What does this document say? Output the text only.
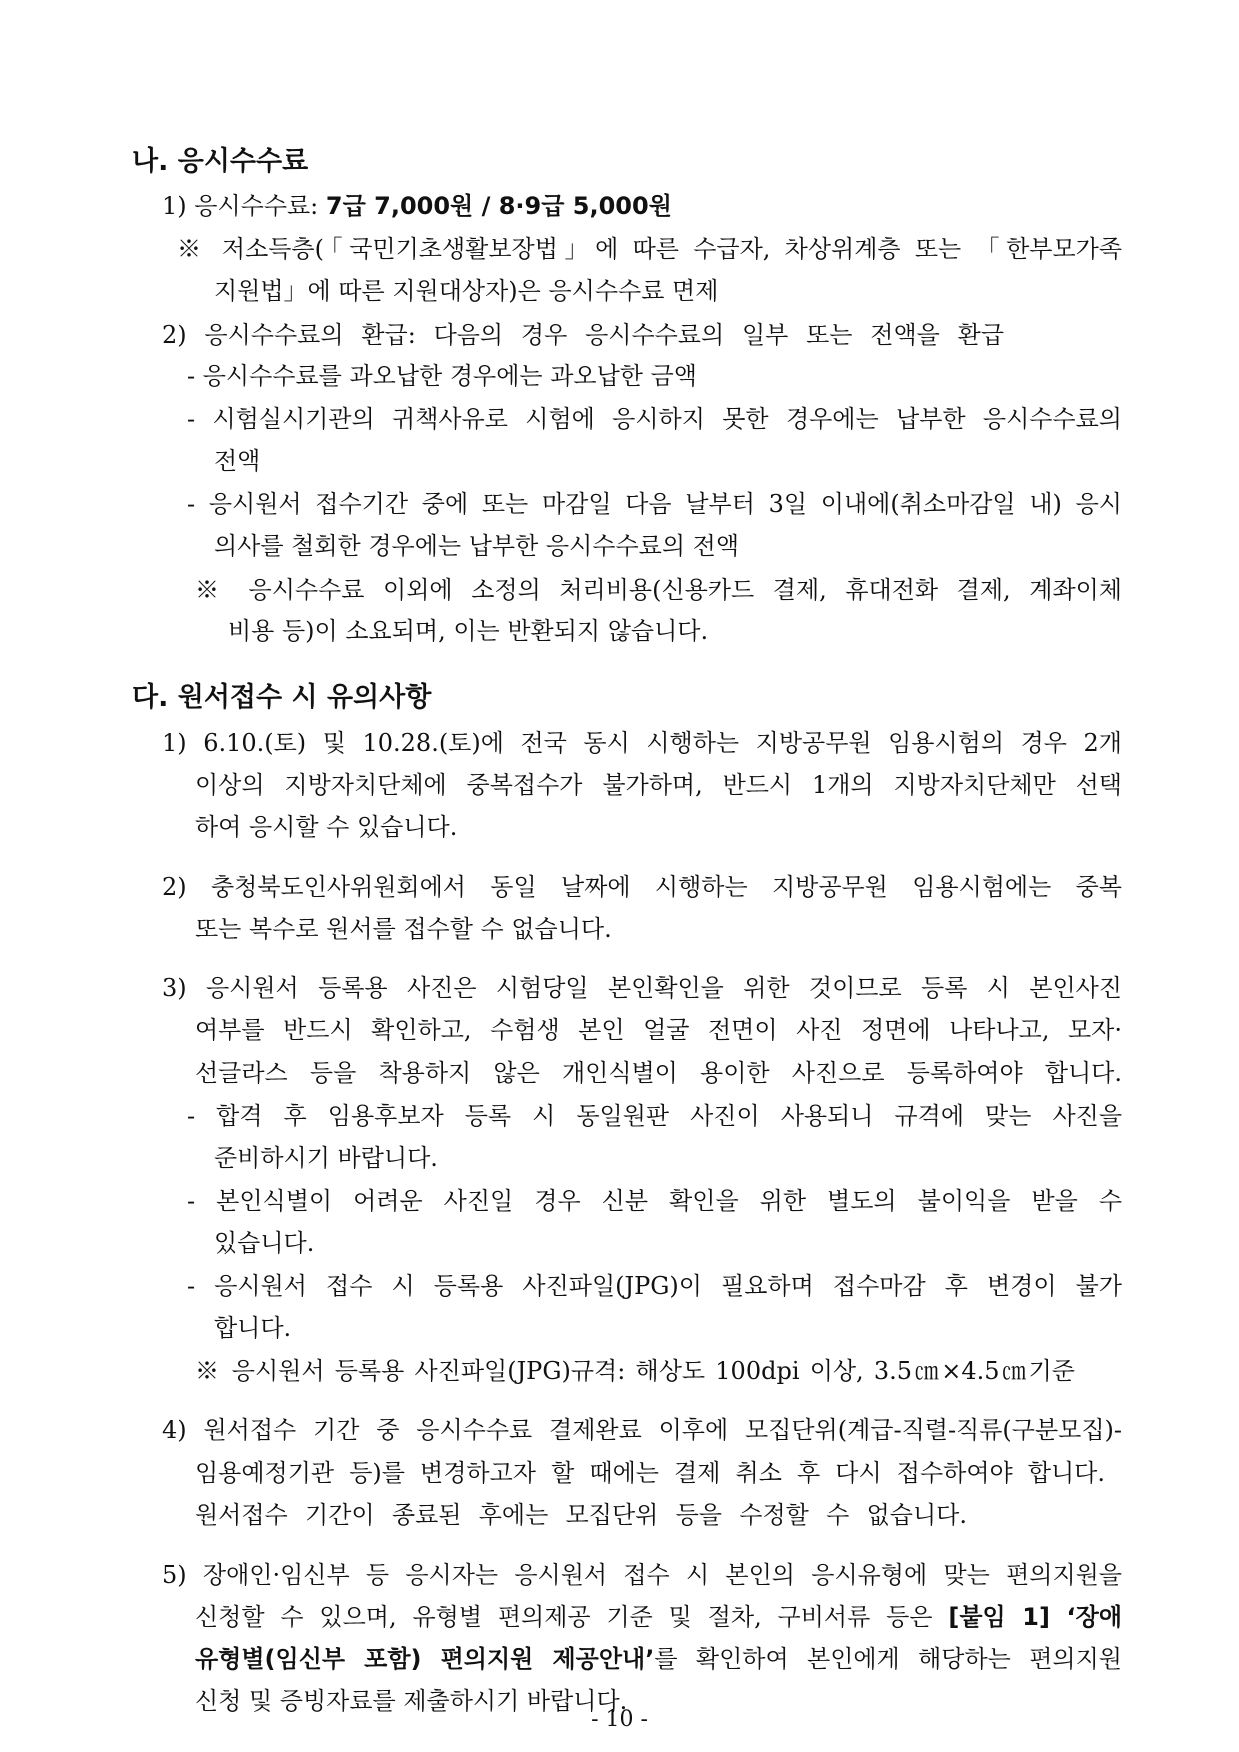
나. 응시수수료
1) 응시수수료: 7급 7,000원 / 8·9급 5,000원
※ 저소득층(「국민기초생활보장법」에 따른 수급자, 차상위계층 또는 「한부모가족
지원법」에 따른 지원대상자)은 응시수수료 면제
2) 응시수수료의 환급: 다음의 경우 응시수수료의 일부 또는 전액을 환급
- 응시수수료를 과오납한 경우에는 과오납한 금액
- 시험실시기관의 귀책사유로 시험에 응시하지 못한 경우에는 납부한 응시수수료의
전액
- 응시원서 접수기간 중에 또는 마감일 다음 날부터 3일 이내에(취소마감일 내) 응시
의사를 철회한 경우에는 납부한 응시수수료의 전액
※ 응시수수료 이외에 소정의 처리비용(신용카드 결제, 휴대전화 결제, 계좌이체
비용 등)이 소요되며, 이는 반환되지 않습니다.
다. 원서접수 시 유의사항
1) 6.10.(토) 및 10.28.(토)에 전국 동시 시행하는 지방공무원 임용시험의 경우 2개
이상의 지방자치단체에 중복접수가 불가하며, 반드시 1개의 지방자치단체만 선택
하여 응시할 수 있습니다.
2) 충청북도인사위원회에서 동일 날짜에 시행하는 지방공무원 임용시험에는 중복
또는 복수로 원서를 접수할 수 없습니다.
3) 응시원서 등록용 사진은 시험당일 본인확인을 위한 것이므로 등록 시 본인사진
여부를 반드시 확인하고, 수험생 본인 얼굴 전면이 사진 정면에 나타나고, 모자·
선글라스 등을 착용하지 않은 개인식별이 용이한 사진으로 등록하여야 합니다.
- 합격 후 임용후보자 등록 시 동일원판 사진이 사용되니 규격에 맞는 사진을
준비하시기 바랍니다.
- 본인식별이 어려운 사진일 경우 신분 확인을 위한 별도의 불이익을 받을 수
있습니다.
- 응시원서 접수 시 등록용 사진파일(JPG)이 필요하며 접수마감 후 변경이 불가
합니다.
※ 응시원서 등록용 사진파일(JPG)규격: 해상도 100dpi 이상, 3.5㎝×4.5㎝기준
4) 원서접수 기간 중 응시수수료 결제완료 이후에 모집단위(계급-직렬-직류(구분모집)-
임용예정기관 등)를 변경하고자 할 때에는 결제 취소 후 다시 접수하여야 합니다.
원서접수 기간이 종료된 후에는 모집단위 등을 수정할 수 없습니다.
5) 장애인·임신부 등 응시자는 응시원서 접수 시 본인의 응시유형에 맞는 편의지원을
신청할 수 있으며, 유형별 편의제공 기준 및 절차, 구비서류 등은 [붙임 1] ‘장애
유형별(임신부 포함) 편의지원 제공안내’를 확인하여 본인에게 해당하는 편의지원
신청 및 증빙자료를 제출하시기 바랍니다.
- 10 -
